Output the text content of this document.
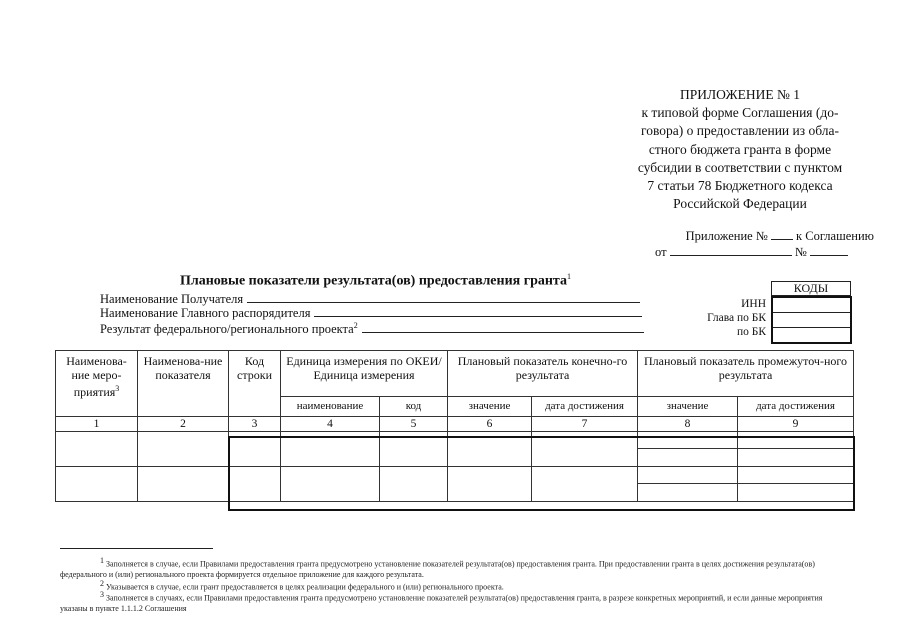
ПРИЛОЖЕНИЕ № 1
к типовой форме Соглашения (до-
говора) о предоставлении из обла-
стного бюджета гранта в форме
субсидии в соответствии с пунктом
7 статьи 78 Бюджетного кодекса
Российской Федерации
Приложение № к Соглашению
от	№
Плановые показатели результата(ов) предоставления гранта$^1$
Наименование Получателя
Наименование Главного распорядителя
Результат федерального/регионального проекта$^2$
КОДЫ
ИНН
Глава по БК
по БК
Наименова-ние меро-приятия$^3$	Наименова-ние показателя	Код строки	Единица измерения по ОКЕИ/ Единица измерения		Плановый показатель конечно-го результата		Плановый показатель промежуточ-ного результата	
			наименование	код	значение	дата достижения	значение	дата достижения
1	2	3	4	5	6	7	8	9

$^1$ Заполняется в случае, если Правилами предоставления гранта предусмотрено установление показателей результата(ов) предоставления гранта. При предоставлении гранта в целях достижения результата(ов) федерального и (или) регионального проекта формируется отдельное приложение для каждого результата.
$^2$ Указывается в случае, если грант предоставляется в целях реализации федерального и (или) регионального проекта.
$^3$ Заполняется в случаях, если Правилами предоставления гранта предусмотрено установление показателей результата(ов) предоставления гранта, в разрезе конкретных мероприятий, и если данные мероприятия указаны в пункте 1.1.1.2 Соглашения
